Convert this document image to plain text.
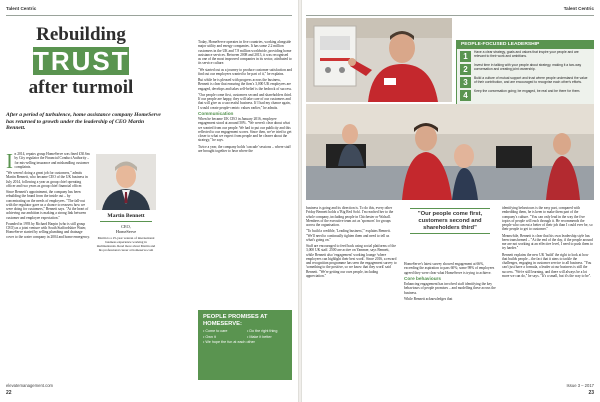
Talent Centric
Rebuilding
TRUST
after turmoil
After a period of turbulence, home assistance company HomeServe has returned to growth under the leadership of CEO Martin Bennett.

In 2014, repairs group HomeServe was fined £30.6m by City regulator the Financial Conduct Authority – for mis-selling insurance and mishandling customer complaints.

"We weren't doing a great job for customers," admits Martin Bennett, who became CEO of the UK business in July 2014, following a year as group chief operating officer and two years as group chief financial officer.

Since Bennett's appointment, the company has been rebuilding the brand from the inside out – by concentrating on the needs of employees. "The fall-out with the regulator gave us a chance to reassess how we were doing for customers," Bennett says. "At the heart of achieving our ambition is making a strong link between customer and employee expectation."

Founded in 1993 by Richard Harpin (who is still group CEO) as a joint venture with South Staffordshire Water, HomeServe started by selling plumbing and drainage cover to the water company in 2004 and home emergency.

Martin Bennett
CEO,
HomeServe
Martin is a 25-year veteran of international business experience working in multinationals. Read more about Martin and his professional career at homeserve.com

Today, HomeServe operates in five countries, working alongside major utility and energy companies. It has some 2.2 million customers in the UK and 7.8 million worldwide, providing home assistance services. Between 2008 and 2013, it was recognised as one of the most improved companies in its sector, attributed to its service culture.

"We started out as a journey to produce customer satisfaction and find out our employees wanted to be part of it," he explains.

But while he is pleased with progress across the business, Bennett is clear that ensuring the firm's 3,000 UK employees are engaged, develops and takes self-belief is the bedrock of success.

"Our people come first, customers second and shareholders third. If our people are happy, they will take care of our customers and that will give us a successful business. If I had my chance again, I would create people-centric values earlier," he admits.

Communication

When he became UK CEO in January 2016, employee engagement stood at around 50%. "We weren't clear about what we wanted from our people. We had to put our publicity and this reflected to our engagement scores. Since then, we've tried to get closer to what we expect from people and be clearer about the strategy," he says.

Twice a year, the company holds 'cascade' sessions – where staff are brought together to hear where the

PEOPLE PROMISES AT HOMESERVE:
• Come to care	• Do the right thing • Own it	• Make it better
• We hope the fun at each other
elevatemanagement.com
22
Talent Centric
PEOPLE-FOCUSED LEADERSHIP
1	Have a clear strategy, goals and values that inspire your people and are relevant to their work and ambitions.
2	Invest time in talking with your people about strategy, making it a two-way conversation and creating joint ownership.
3	Build a culture of mutual support and trust where people understand the value of their contribution, and are encouraged to recognise each other's efforts.
4	Keep the conversation going; be engaged, be real and be there for them.

business is going and its direction is. To do this, every other Friday Bennett holds a 'Big Red Sofa'. I'm reached her to the whole company, including people in Chichester or Walsall. Members of the executive team act as 'sponsors' for groups across the organisation.

"To build a credible, 'Leading business'," explains Bennett. "We'll need to continually tighten them and need to tell us what's going on."

Staff are encouraged to feed back using social platforms of the 3,000 UK staff. 2500 are active on Yammer, says Bennett, while Bennett also 'engagement' working lounge 'where employees can highlight their best work'. Since 2016, a reward and recognition programme has seen the engagement survey to 'something to the positive, so we know that they work' said Bennett. "We're getting our own people, including appreciation."

"Our people come first, customers second and shareholders third"

HomeServe's latest survey showed engagement at 66%, exceeding the aspiration to pass 60%; some 98% of employees agreed they were clear what HomeServe is trying to achieve.

Core behaviours

Enhancing engagement has involved staff identifying the key behaviours of people promises – and modelling these across the business.

While Bennett acknowledges that

identifying behaviours is the easy part, compared with embedding them, he is keen to make them part of the company's culture. "You can only lead in the way the five topics of people will each through it. He recommends the people who can eat a better of their job than I could ever be, so their people to get to customer."

Meanwhile, Bennett is clear that his own leadership style has been transformed – "At the end of the day, if the people around me are not working at an effective level, I need to push them to try harder."

Bennett explains the new UK 'build' the right to look at how that builds people – the fact that it aims to tackle the challenges, engaging in customer service to all business. "You can't just have a formula, a leader at our business is still the success. "We're still learning, and there will always be a lot more we can do," he says. "It's a small, but it's the way to be".

Issue 3 – 2017
23
